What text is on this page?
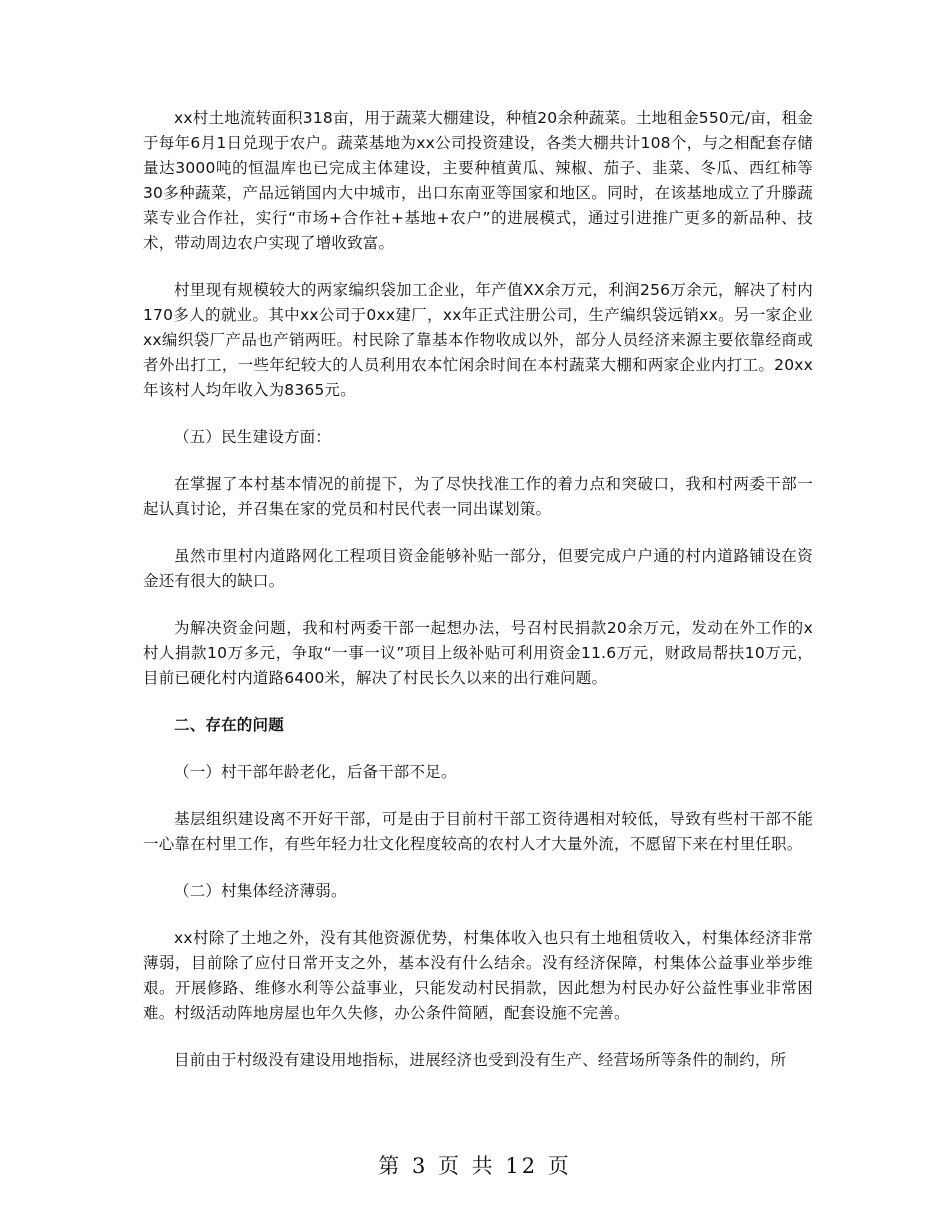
xx村土地流转面积318亩，用于蔬菜大棚建设，种植20余种蔬菜。土地租金550元/亩，租金于每年6月1日兑现于农户。蔬菜基地为xx公司投资建设，各类大棚共计108个，与之相配套存储量达3000吨的恒温库也已完成主体建设，主要种植黄瓜、辣椒、茄子、韭菜、冬瓜、西红柿等30多种蔬菜，产品远销国内大中城市，出口东南亚等国家和地区。同时，在该基地成立了升滕蔬菜专业合作社，实行“市场+合作社+基地+农户”的进展模式，通过引进推广更多的新品种、技术，带动周边农户实现了增收致富。

村里现有规模较大的两家编织袋加工企业，年产值XX余万元，利润256万余元，解决了村内170多人的就业。其中xx公司于0xx建厂，xx年正式注册公司，生产编织袋远销xx。另一家企业xx编织袋厂产品也产销两旺。村民除了靠基本作物收成以外，部分人员经济来源主要依靠经商或者外出打工，一些年纪较大的人员利用农本忙闲余时间在本村蔬菜大棚和两家企业内打工。20xx年该村人均年收入为8365元。

（五）民生建设方面：

在掌握了本村基本情况的前提下，为了尽快找准工作的着力点和突破口，我和村两委干部一起认真讨论，并召集在家的党员和村民代表一同出谋划策。

虽然市里村内道路网化工程项目资金能够补贴一部分，但要完成户户通的村内道路铺设在资金还有很大的缺口。

为解决资金问题，我和村两委干部一起想办法，号召村民捐款20余万元，发动在外工作的x村人捐款10万多元，争取“一事一议”项目上级补贴可利用资金11.6万元，财政局帮扶10万元，目前已硬化村内道路6400米，解决了村民长久以来的出行难问题。

二、存在的问题

（一）村干部年龄老化，后备干部不足。

基层组织建设离不开好干部，可是由于目前村干部工资待遇相对较低，导致有些村干部不能一心靠在村里工作，有些年轻力壮文化程度较高的农村人才大量外流，不愿留下来在村里任职。

（二）村集体经济薄弱。

xx村除了土地之外，没有其他资源优势，村集体收入也只有土地租赁收入，村集体经济非常薄弱，目前除了应付日常开支之外，基本没有什么结余。没有经济保障，村集体公益事业举步维艰。开展修路、维修水利等公益事业，只能发动村民捐款，因此想为村民办好公益性事业非常困难。村级活动阵地房屋也年久失修，办公条件简陋，配套设施不完善。

目前由于村级没有建设用地指标，进展经济也受到没有生产、经营场所等条件的制约，所

第 3 页 共 12 页
